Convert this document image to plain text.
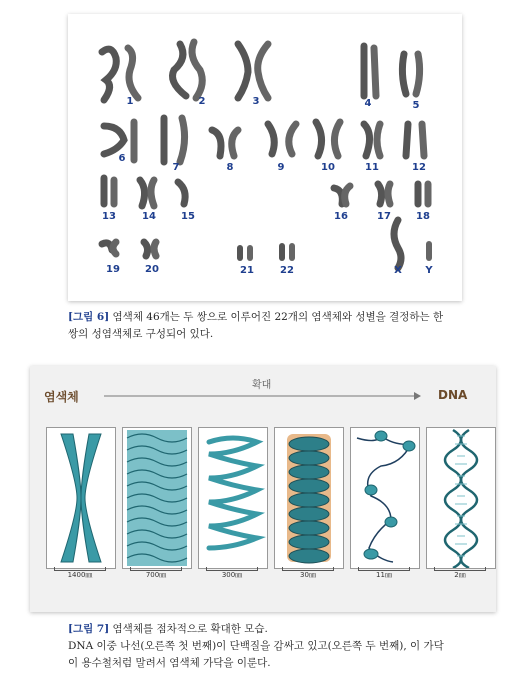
1	2	3	4	5
6
7	8	9	10	11	12
13	14	15	16	17	18
19	20	21	22	X	Y
[그림 6] 염색체 46개는 두 쌍으로 이루어진 22개의 염색체와 성별을 결정하는 한
쌍의 성염색체로 구성되어 있다.
염색체
확대
DNA
1400㎚	700㎚	300㎚	30㎚	11㎚	2㎚
[그림 7] 염색체를 점차적으로 확대한 모습.
DNA 이중 나선(오른쪽 첫 번째)이 단백질을 감싸고 있고(오른쪽 두 번째), 이 가닥
이 용수철처럼 말려서 염색체 가닥을 이룬다.
